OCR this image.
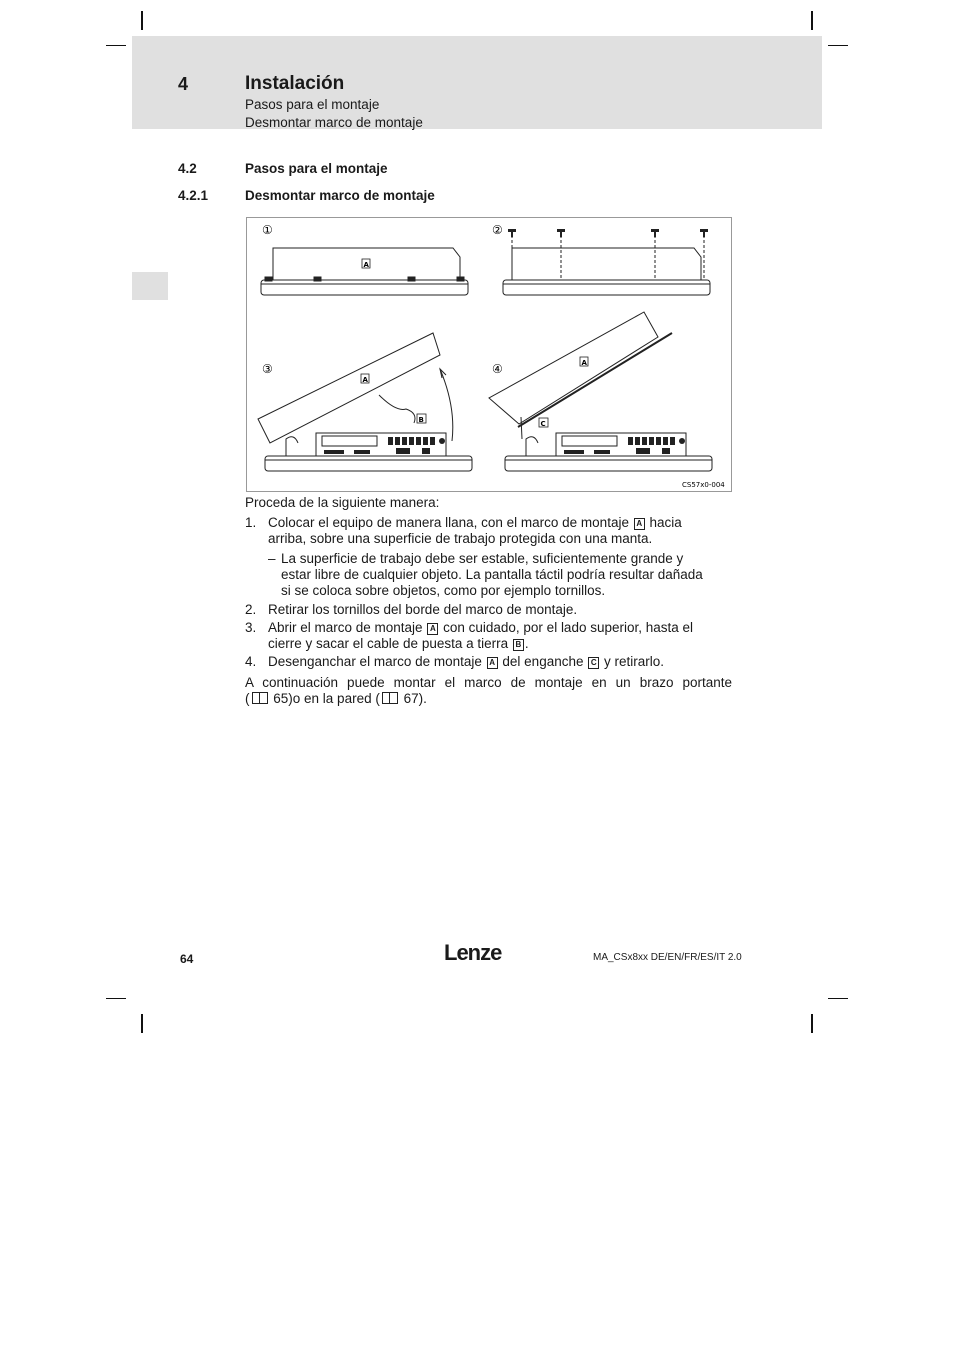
4	Instalación
Pasos para el montaje
Desmontar marco de montaje
4.2	Pasos para el montaje
4.2.1	Desmontar marco de montaje
①
A
②
③
A
B
④	A
C
CS57x0-004
Proceda de la siguiente manera:
1. Colocar el equipo de manera llana, con el marco de montaje A hacia
arriba, sobre una superficie de trabajo protegida con una manta.
– La superficie de trabajo debe ser estable, suficientemente grande y
estar libre de cualquier objeto. La pantalla táctil podría resultar dañada
si se coloca sobre objetos, como por ejemplo tornillos.
2. Retirar los tornillos del borde del marco de montaje.
3. Abrir el marco de montaje A con cuidado, por el lado superior, hasta el
cierre y sacar el cable de puesta a tierra B .
4. Desenganchar el marco de montaje A del enganche C y retirarlo.
A continuación puede montar el marco de montaje en un brazo portante
( 65)o en la pared ( 67).
64	Lenze	MA_CSx8xx DE/EN/FR/ES/IT 2.0
